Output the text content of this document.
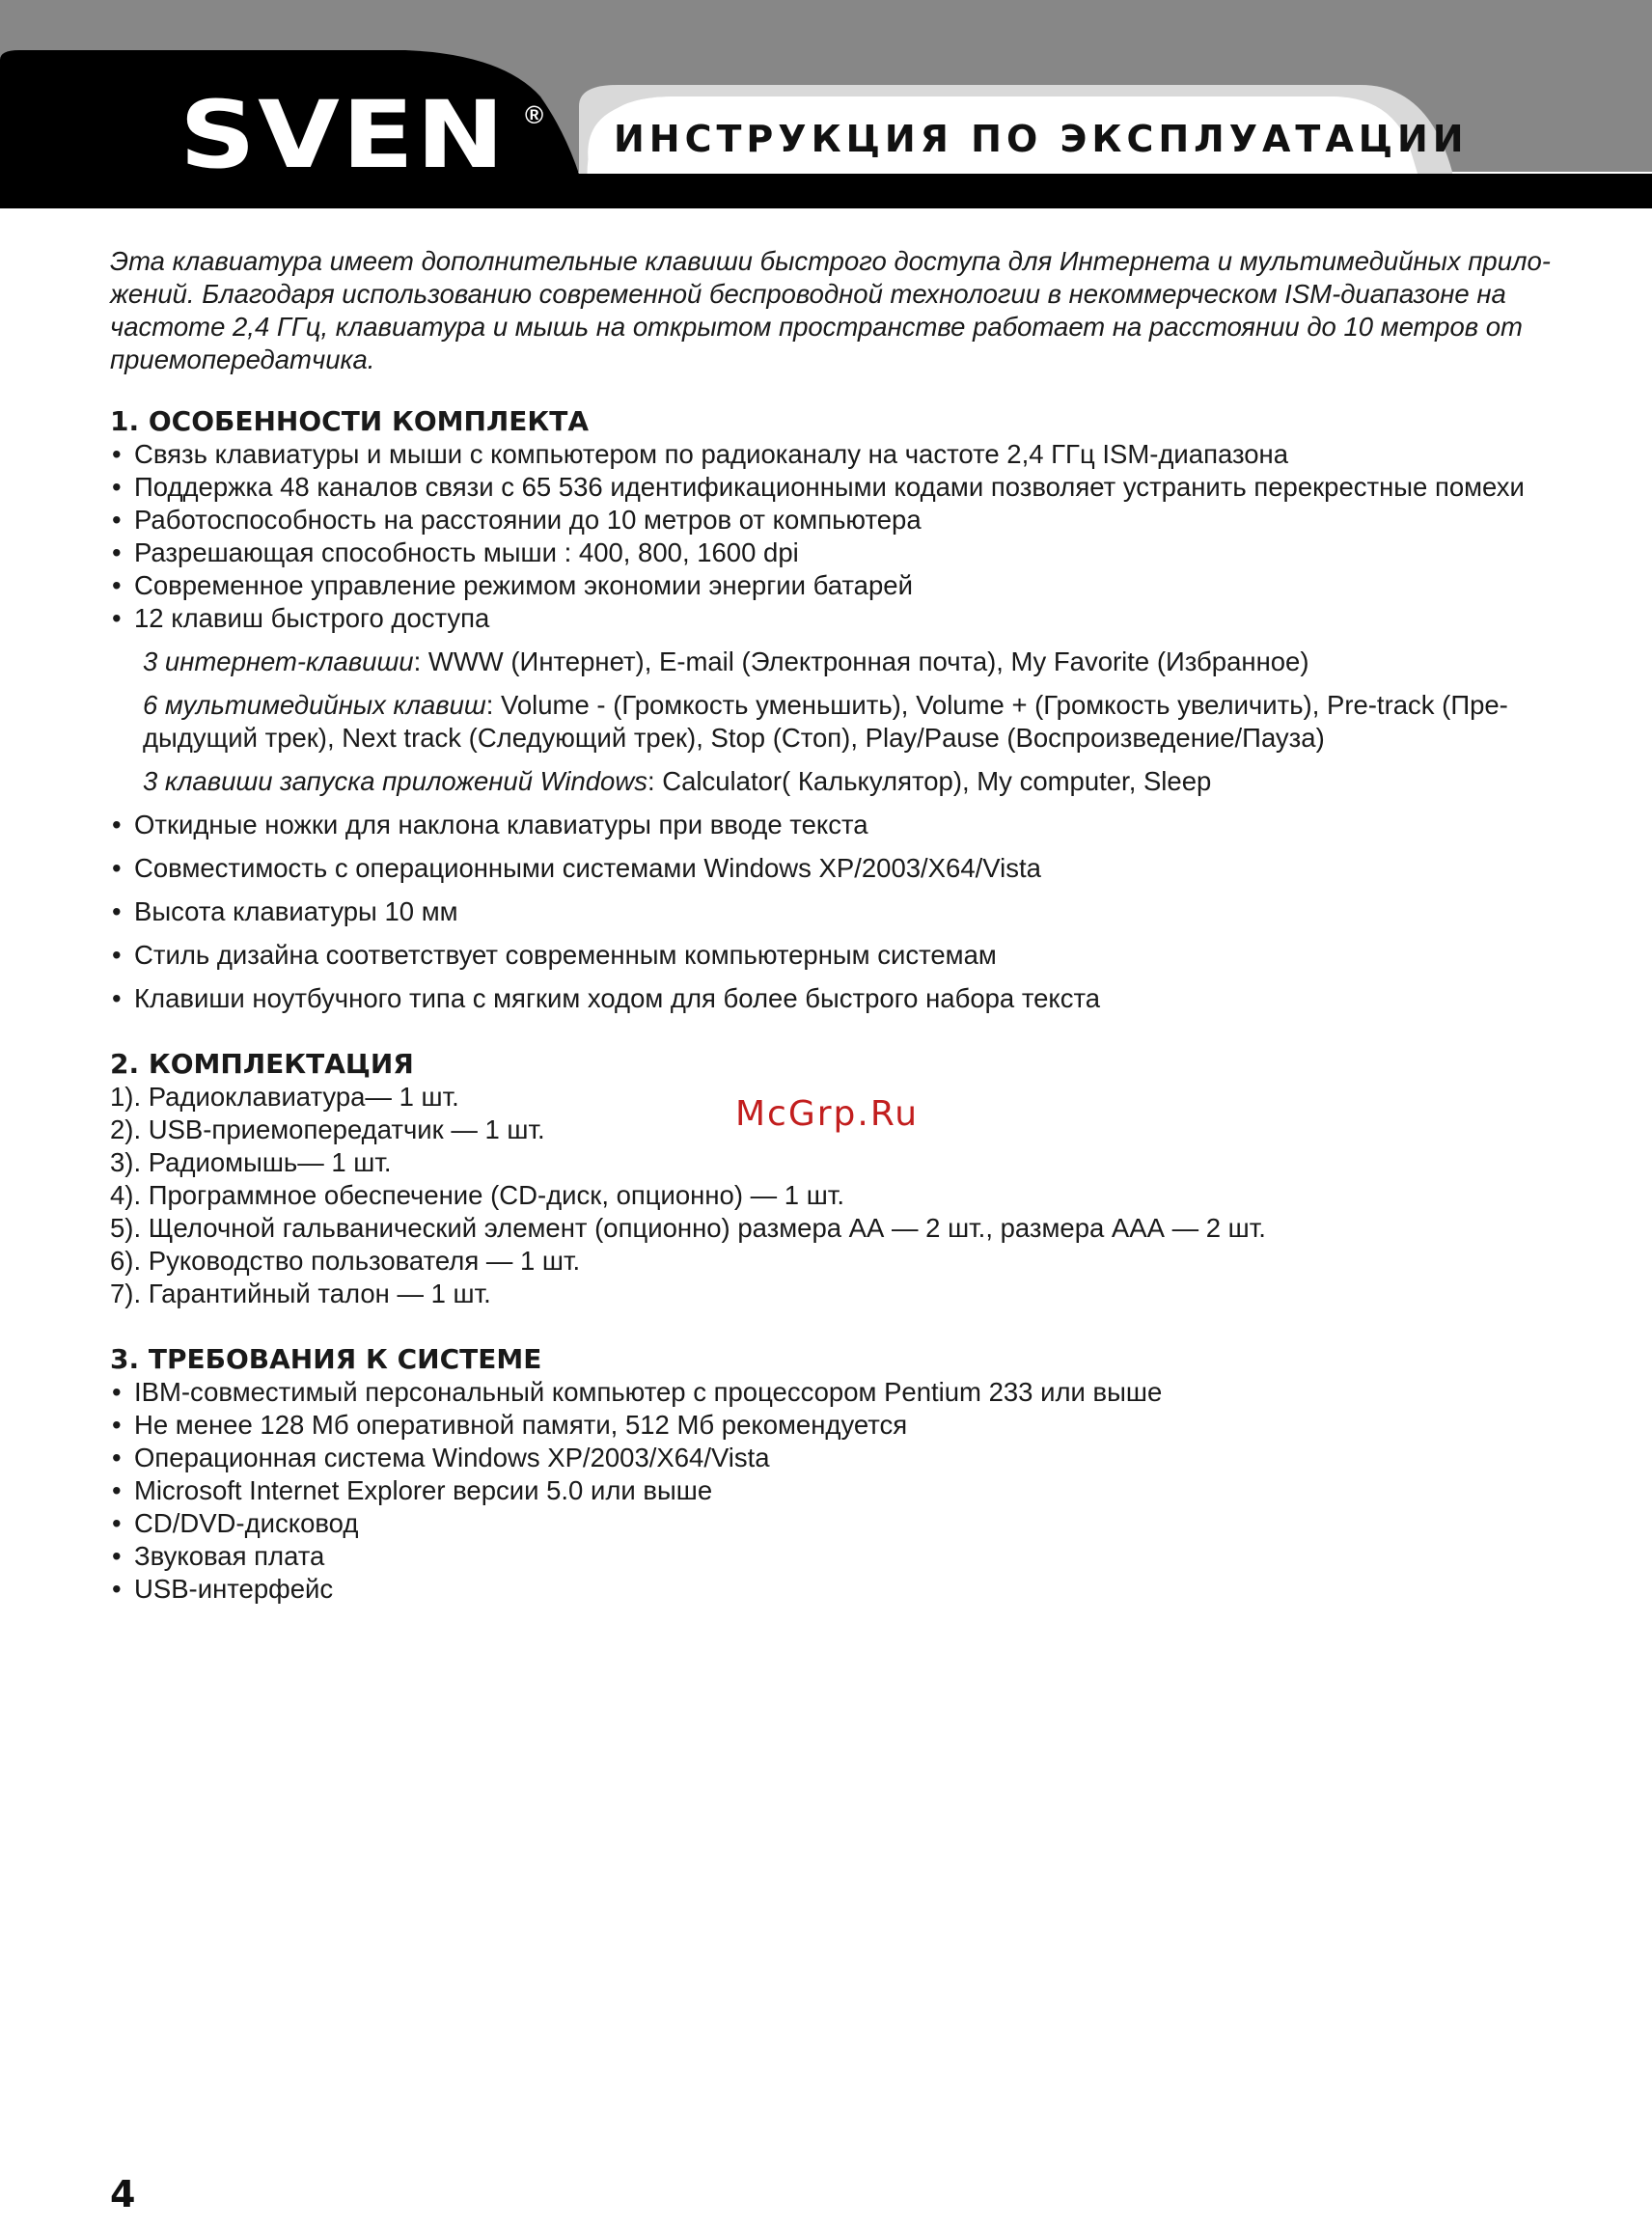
SVEN ®
ИНСТРУКЦИЯ ПО ЭКСПЛУАТАЦИИ

Эта клавиатура имеет дополнительные клавиши быстрого доступа для Интернета и мультимедийных прило-жений. Благодаря использованию современной беспроводной технологии в некоммерческом ISM-диапазоне на частоте 2,4 ГГц, клавиатура и мышь на открытом пространстве работает на расстоянии до 10 метров от приемопередатчика.

1. ОСОБЕННОСТИ КОМПЛЕКТА
• Связь клавиатуры и мыши с компьютером по радиоканалу на частоте 2,4 ГГц ISM-диапазона
• Поддержка 48 каналов связи с 65 536 идентификационными кодами позволяет устранить перекрестные помехи
• Работоспособность на расстоянии до 10 метров от компьютера
• Разрешающая способность мыши : 400, 800, 1600 dpi
• Современное управление режимом экономии энергии батарей
• 12 клавиш быстрого доступа
3 интернет-клавиши: WWW (Интернет), E-mail (Электронная почта), My Favorite (Избранное)
6 мультимедийных клавиш: Volume - (Громкость уменьшить), Volume + (Громкость увеличить), Pre-track (Пре-дыдущий трек), Next track (Следующий трек), Stop (Стоп), Play/Pause (Воспроизведение/Пауза)
3 клавиши запуска приложений Windows: Calculator( Калькулятор), My computer, Sleep
• Откидные ножки для наклона клавиатуры при вводе текста
• Совместимость с операционными системами Windows XP/2003/X64/Vista
• Высота клавиатуры 10 мм
• Стиль дизайна соответствует современным компьютерным системам
• Клавиши ноутбучного типа с мягким ходом для более быстрого набора текста
2. КОМПЛЕКТАЦИЯ
1). Радиоклавиатура— 1 шт.
2). USB-приемопередатчик — 1 шт.
3). Радиомышь— 1 шт.
4). Программное обеспечение (CD-диск, опционно) — 1 шт.
5). Щелочной гальванический элемент (опционно) размера АА — 2 шт., размера ААА — 2 шт.
6). Руководство пользователя — 1 шт.
7). Гарантийный талон — 1 шт.
3. ТРЕБОВАНИЯ К СИСТЕМЕ
• IBM-совместимый персональный компьютер с процессором Pentium 233 или выше
• Не менее 128 Мб оперативной памяти, 512 Мб рекомендуется
• Операционная система Windows XP/2003/X64/Vista
• Microsoft Internet Explorer версии 5.0 или выше
• CD/DVD-дисковод
• Звуковая плата
• USB-интерфейс
McGrp.Ru
4
